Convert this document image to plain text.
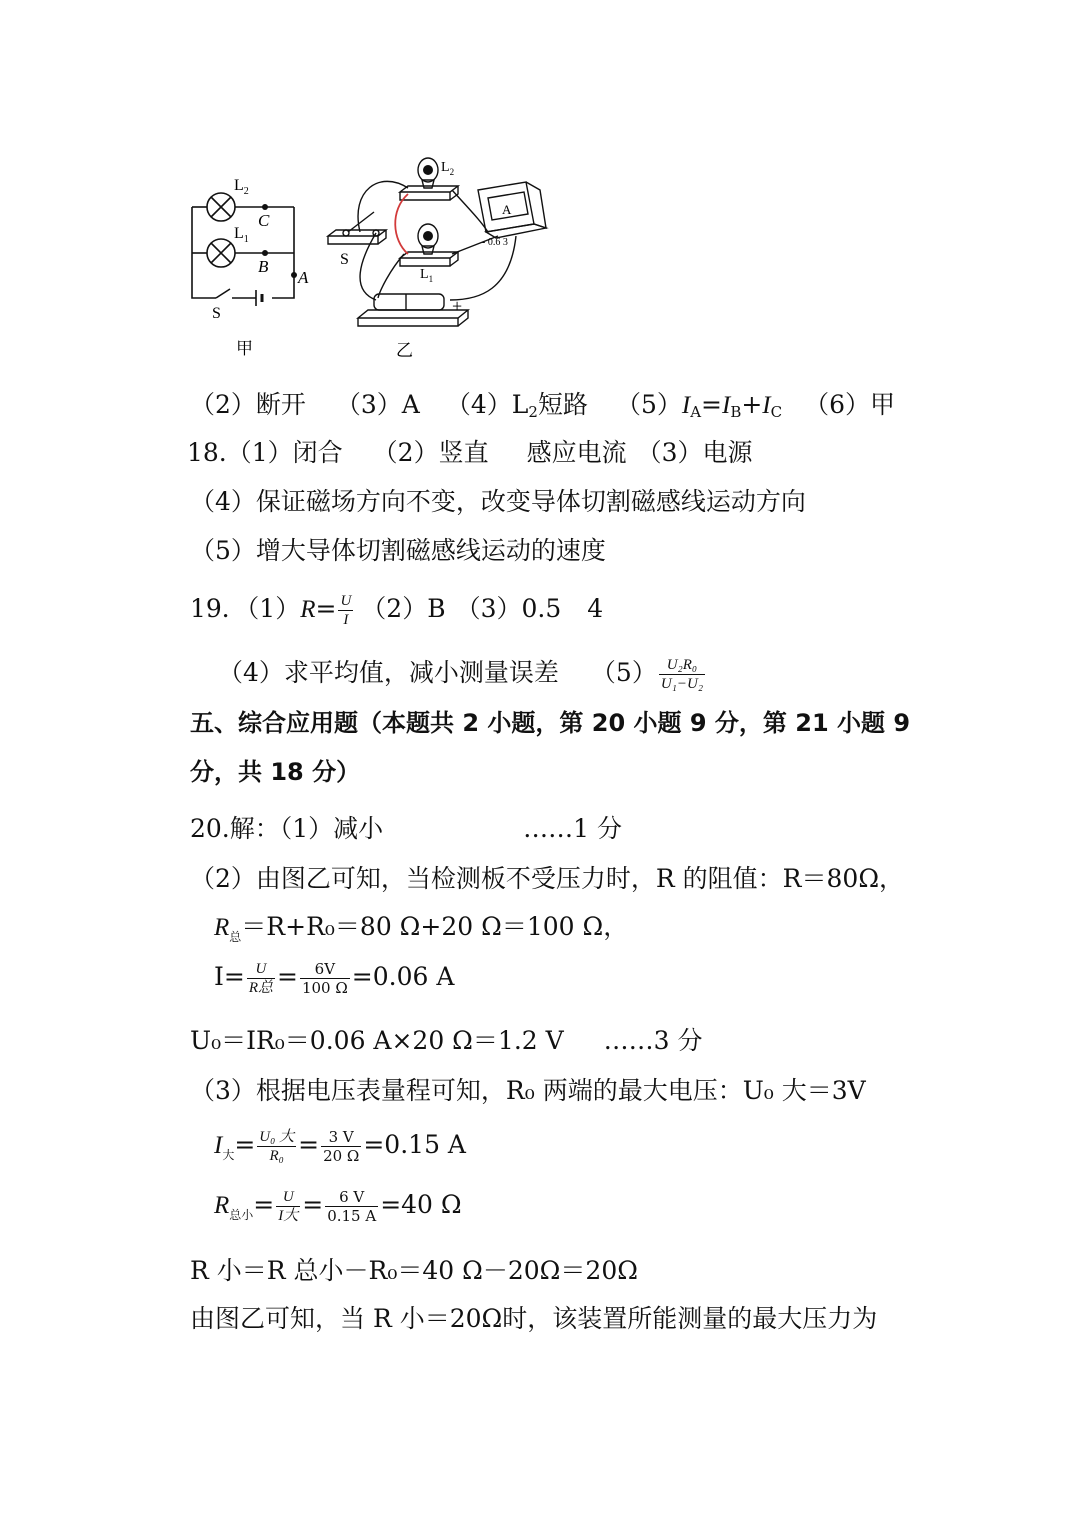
$L_2$
$L_1$
C
B
A
S
甲
$L_2$
$L_1$
S
A
- 0.6 3
+
乙
（2）断开 （3）A $(4)L_2$短路 $(5)I_A=I_B+I_C$ （6）甲
18.（1）闭合 （2）竖直 感应电流 （3）电源
（4）保证磁场方向不变，改变导体切割磁感线运动方向
（5）增大导体切割磁感线运动的速度
19．$(1)R= \frac{U}{I} (2)B$ （3）0.5 4
（4）求平均值，减小测量误差 $(5) \frac{\text{U₂R₀}}{\text{U₁−U₂}}$
五、综合应用题（本题共 2 小题，第 20 小题 9 分，第 21 小题 9
分，共 18 分）
20.解：（1）减小	……1 分
（2）由图乙可知，当检测板不受压力时，R 的阻值：R＝80Ω，
$R_总=R+R_0=80$ Ω+20 Ω＝100 Ω，
$I= \frac{U}{\text{R总}} = \frac{6V}{100 \Omega} =0.06$ A
U₀＝IR₀＝0.06 A×20 Ω＝1.2 V ……3 分
（3）根据电压表量程可知，R₀ 两端的最大电压：U₀ 大＝3V
$I_大= \frac{\text{U₀ 大}}{\text{R₀}} = \frac{3 V}{20 \Omega} =0.15$ A
$R_{总小}= \frac{U}{\text{I大}} = \frac{6 V}{0.15 A} =40$ Ω
R 小＝R 总小－R₀＝40 Ω－20Ω＝20Ω
由图乙可知，当 R 小＝20Ω时，该装置所能测量的最大压力为
